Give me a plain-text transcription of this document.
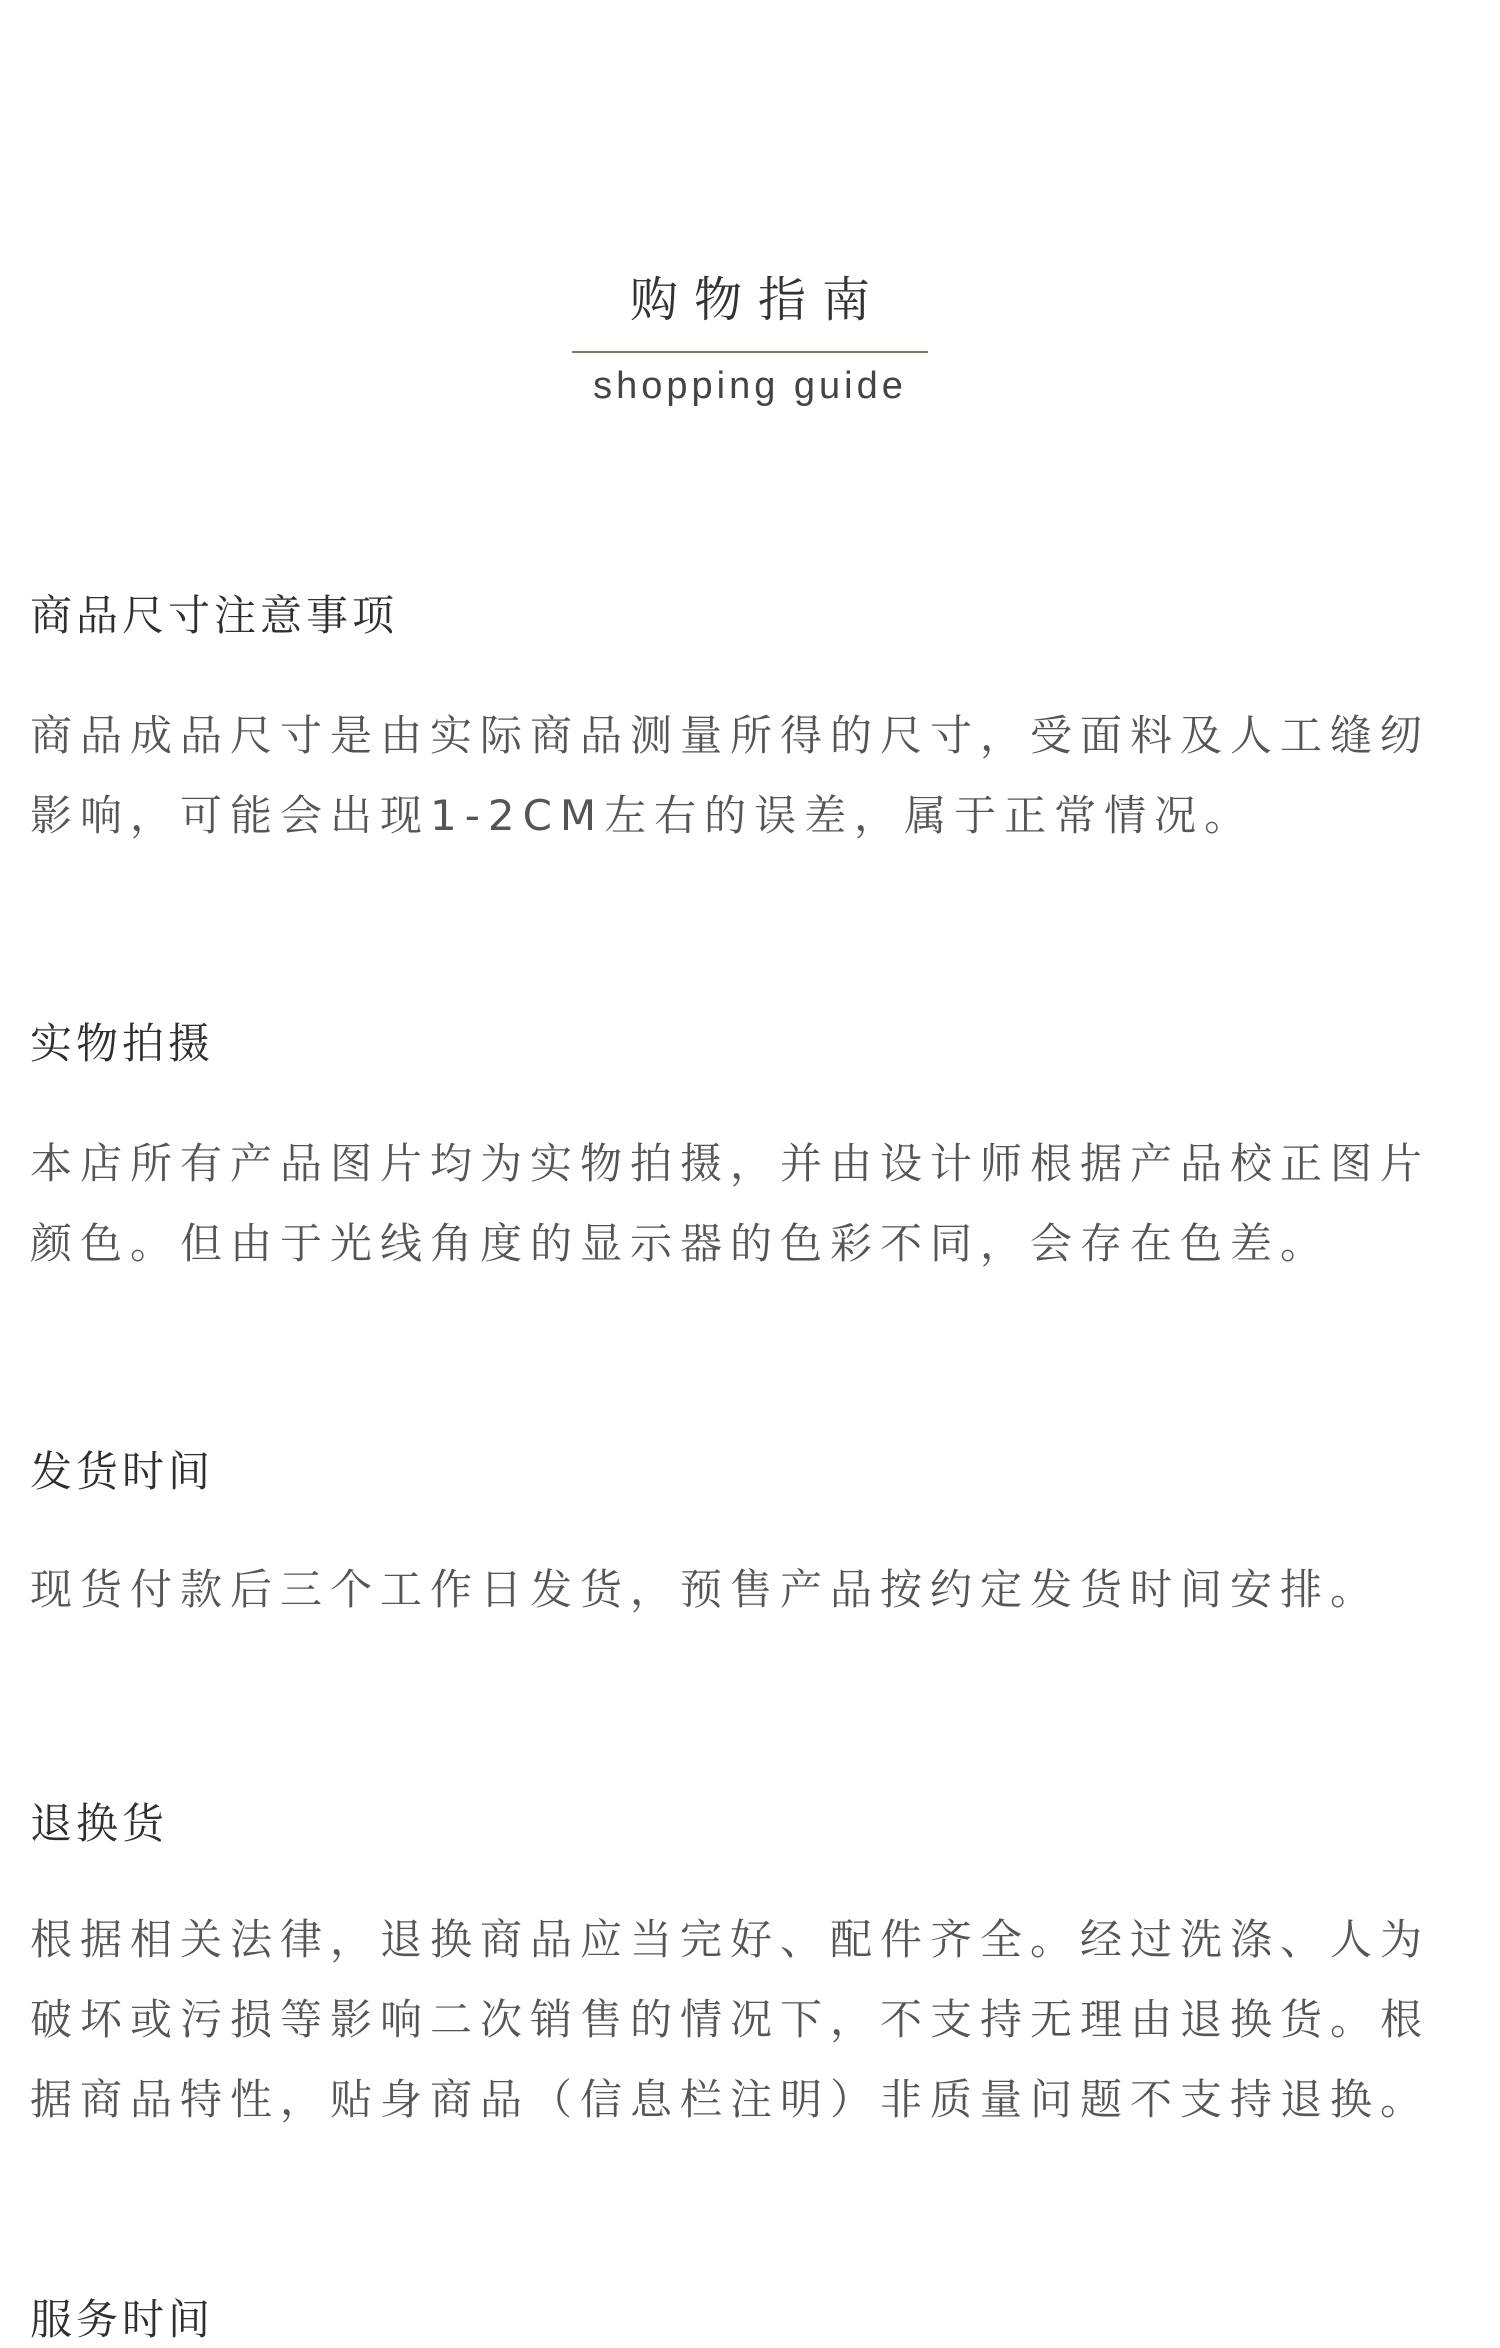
购物指南
shopping guide
商品尺寸注意事项

商品成品尺寸是由实际商品测量所得的尺寸，受面料及人工缝纫

影响，可能会出现1-2CM左右的误差，属于正常情况。

实物拍摄

本店所有产品图片均为实物拍摄，并由设计师根据产品校正图片

颜色。但由于光线角度的显示器的色彩不同，会存在色差。

发货时间

现货付款后三个工作日发货，预售产品按约定发货时间安排。

退换货

根据相关法律，退换商品应当完好、配件齐全。经过洗涤、人为

破坏或污损等影响二次销售的情况下，不支持无理由退换货。根

据商品特性，贴身商品（信息栏注明）非质量问题不支持退换。

服务时间
